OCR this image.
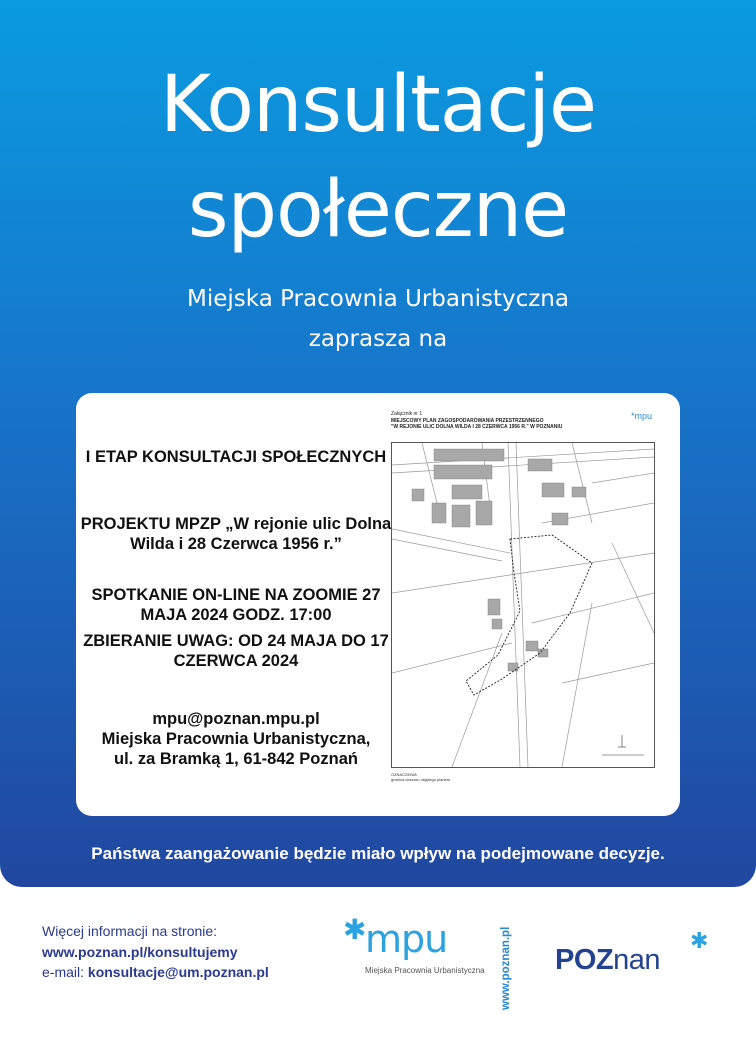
Konsultacje
społeczne
Miejska Pracownia Urbanistyczna
zaprasza na
I ETAP KONSULTACJI SPOŁECZNYCH
PROJEKTU MPZP „W rejonie ulic Dolna Wilda i 28 Czerwca 1956 r.”
SPOTKANIE ON-LINE NA ZOOMIE 27 MAJA 2024 GODZ. 17:00
ZBIERANIE UWAG: OD 24 MAJA DO 17 CZERWCA 2024
mpu@poznan.mpu.pl
Miejska Pracownia Urbanistyczna,
ul. za Bramką 1, 61-842 Poznań
Załącznik nr 1
MIEJSCOWY PLAN ZAGOSPODAROWANIA PRZESTRZENNEGO
"W REJONIE ULIC DOLNA WILDA I 28 CZERWCA 1956 R." W POZNANIU
*mpu
OZNACZENIA
granica obszaru objętego planem
Państwa zaangażowanie będzie miało wpływ na podejmowane decyzje.
Więcej informacji na stronie:
www.poznan.pl/konsultujemy
e-mail: konsultacje@um.poznan.pl
✱
mpu
Miejska Pracownia Urbanistyczna www.poznan.pl POZnan
✱
